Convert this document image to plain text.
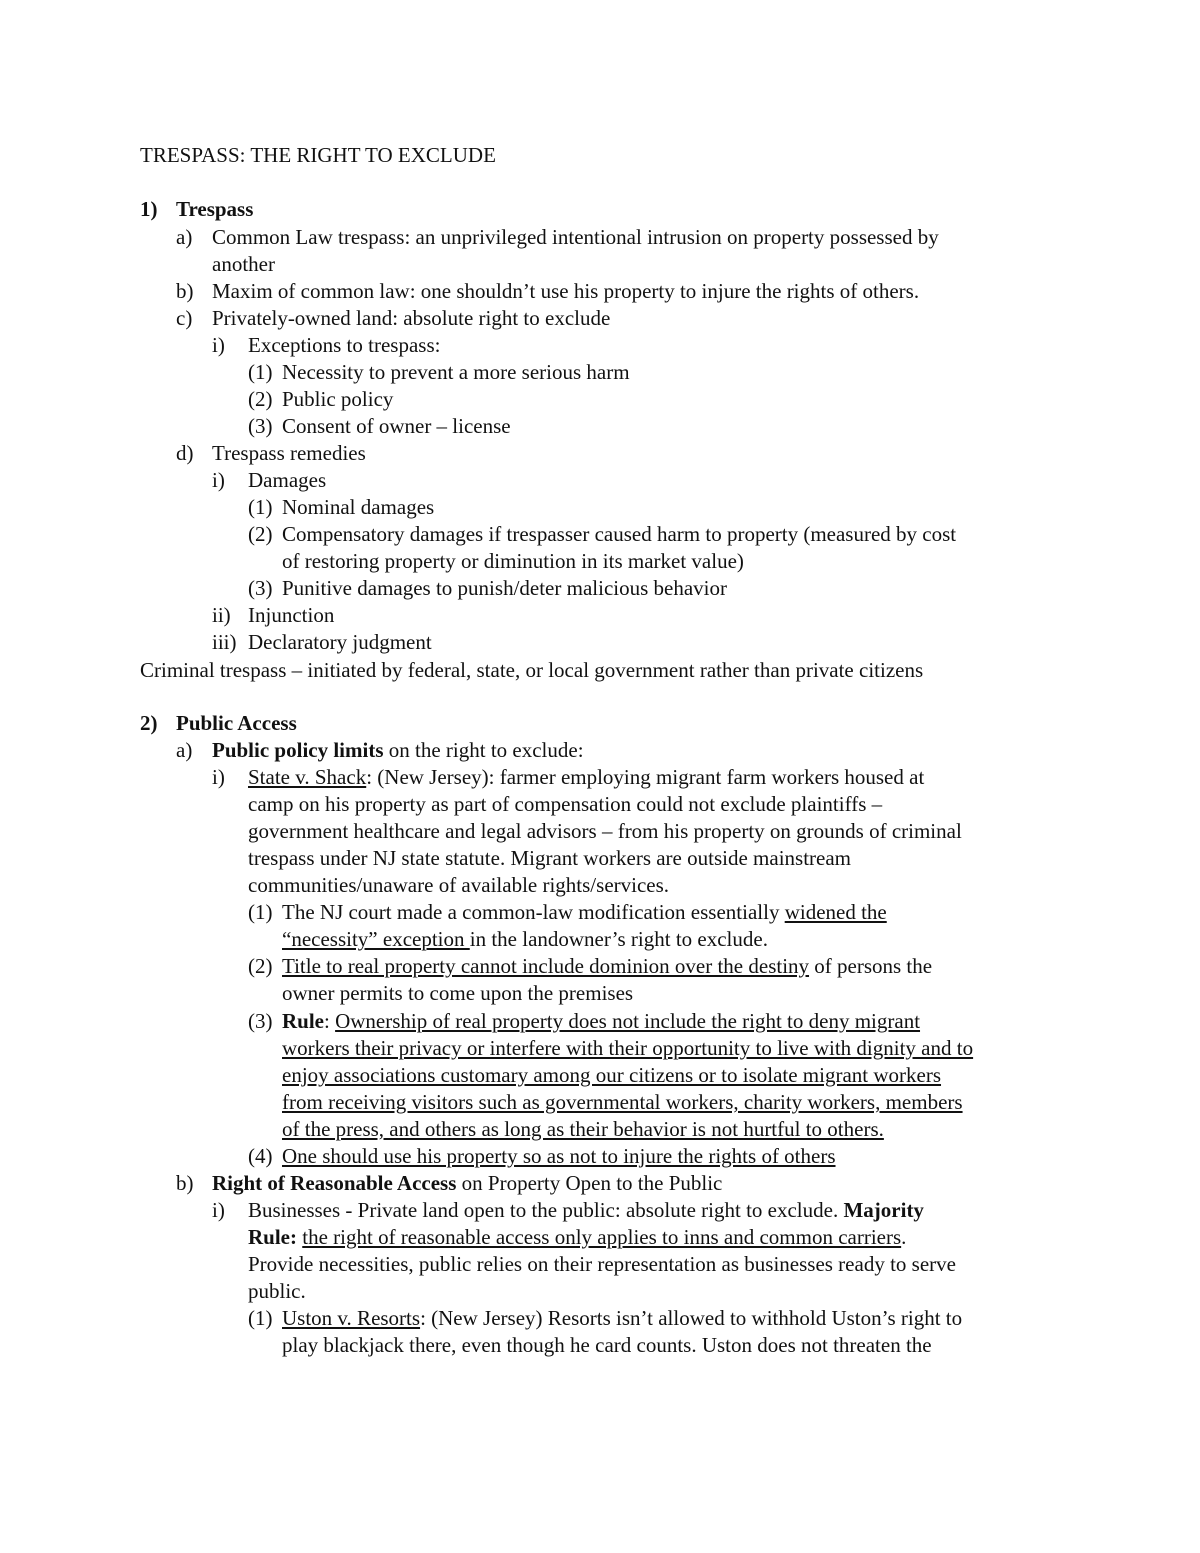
TRESPASS: THE RIGHT TO EXCLUDE
1) Trespass
a) Common Law trespass: an unprivileged intentional intrusion on property possessed by
another
b) Maxim of common law: one shouldn’t use his property to injure the rights of others.
c) Privately-owned land: absolute right to exclude
i) Exceptions to trespass:
(1) Necessity to prevent a more serious harm
(2) Public policy
(3) Consent of owner – license
d) Trespass remedies
i) Damages
(1) Nominal damages
(2) Compensatory damages if trespasser caused harm to property (measured by cost
of restoring property or diminution in its market value)
(3) Punitive damages to punish/deter malicious behavior
ii) Injunction
iii) Declaratory judgment
Criminal trespass – initiated by federal, state, or local government rather than private citizens
2) Public Access
a) Public policy limits on the right to exclude:
i) State v. Shack: (New Jersey): farmer employing migrant farm workers housed at
camp on his property as part of compensation could not exclude plaintiffs –
government healthcare and legal advisors – from his property on grounds of criminal
trespass under NJ state statute. Migrant workers are outside mainstream
communities/unaware of available rights/services.
(1) The NJ court made a common-law modification essentially widened the
“necessity” exception in the landowner’s right to exclude.
(2) Title to real property cannot include dominion over the destiny of persons the
owner permits to come upon the premises
(3) Rule: Ownership of real property does not include the right to deny migrant
workers their privacy or interfere with their opportunity to live with dignity and to
enjoy associations customary among our citizens or to isolate migrant workers
from receiving visitors such as governmental workers, charity workers, members
of the press, and others as long as their behavior is not hurtful to others.
(4) One should use his property so as not to injure the rights of others
b) Right of Reasonable Access on Property Open to the Public
i) Businesses - Private land open to the public: absolute right to exclude. Majority
Rule: the right of reasonable access only applies to inns and common carriers.
Provide necessities, public relies on their representation as businesses ready to serve
public.
(1) Uston v. Resorts: (New Jersey) Resorts isn’t allowed to withhold Uston’s right to
play blackjack there, even though he card counts. Uston does not threaten the
